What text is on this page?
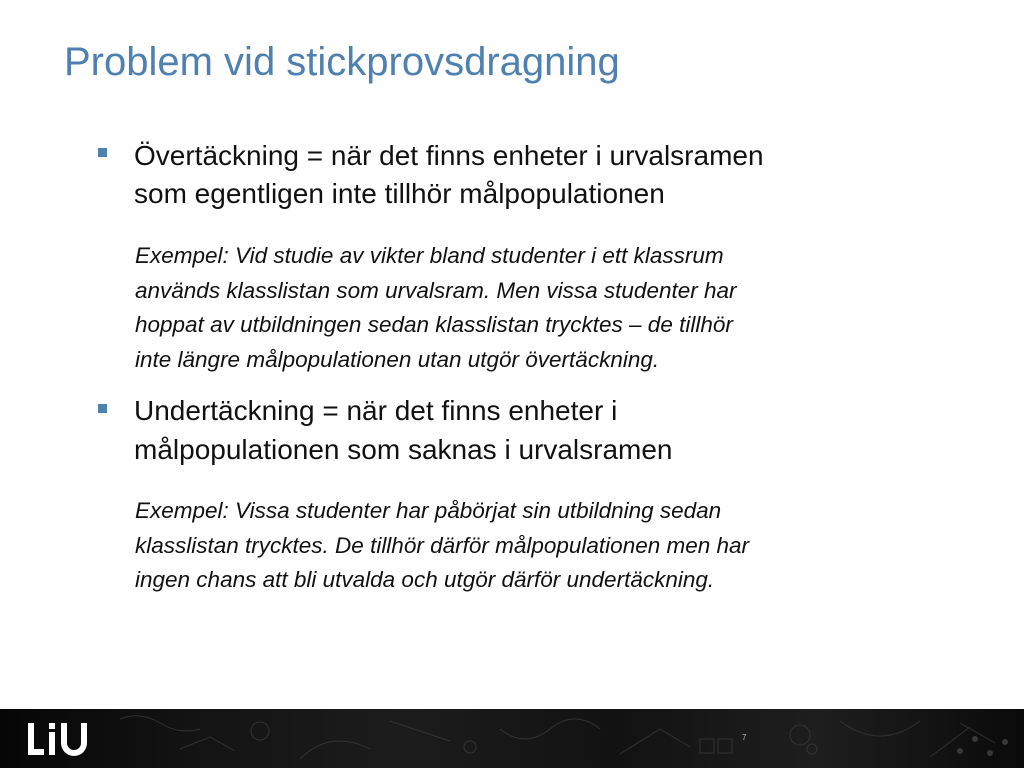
Problem vid stickprovsdragning
Övertäckning = när det finns enheter i urvalsramen
som egentligen inte tillhör målpopulationen
Exempel: Vid studie av vikter bland studenter i ett klassrum
används klasslistan som urvalsram. Men vissa studenter har
hoppat av utbildningen sedan klasslistan trycktes – de tillhör
inte längre målpopulationen utan utgör övertäckning.
Undertäckning = när det finns enheter i
målpopulationen som saknas i urvalsramen
Exempel: Vissa studenter har påbörjat sin utbildning sedan
klasslistan trycktes. De tillhör därför målpopulationen men har
ingen chans att bli utvalda och utgör därför undertäckning.
7
